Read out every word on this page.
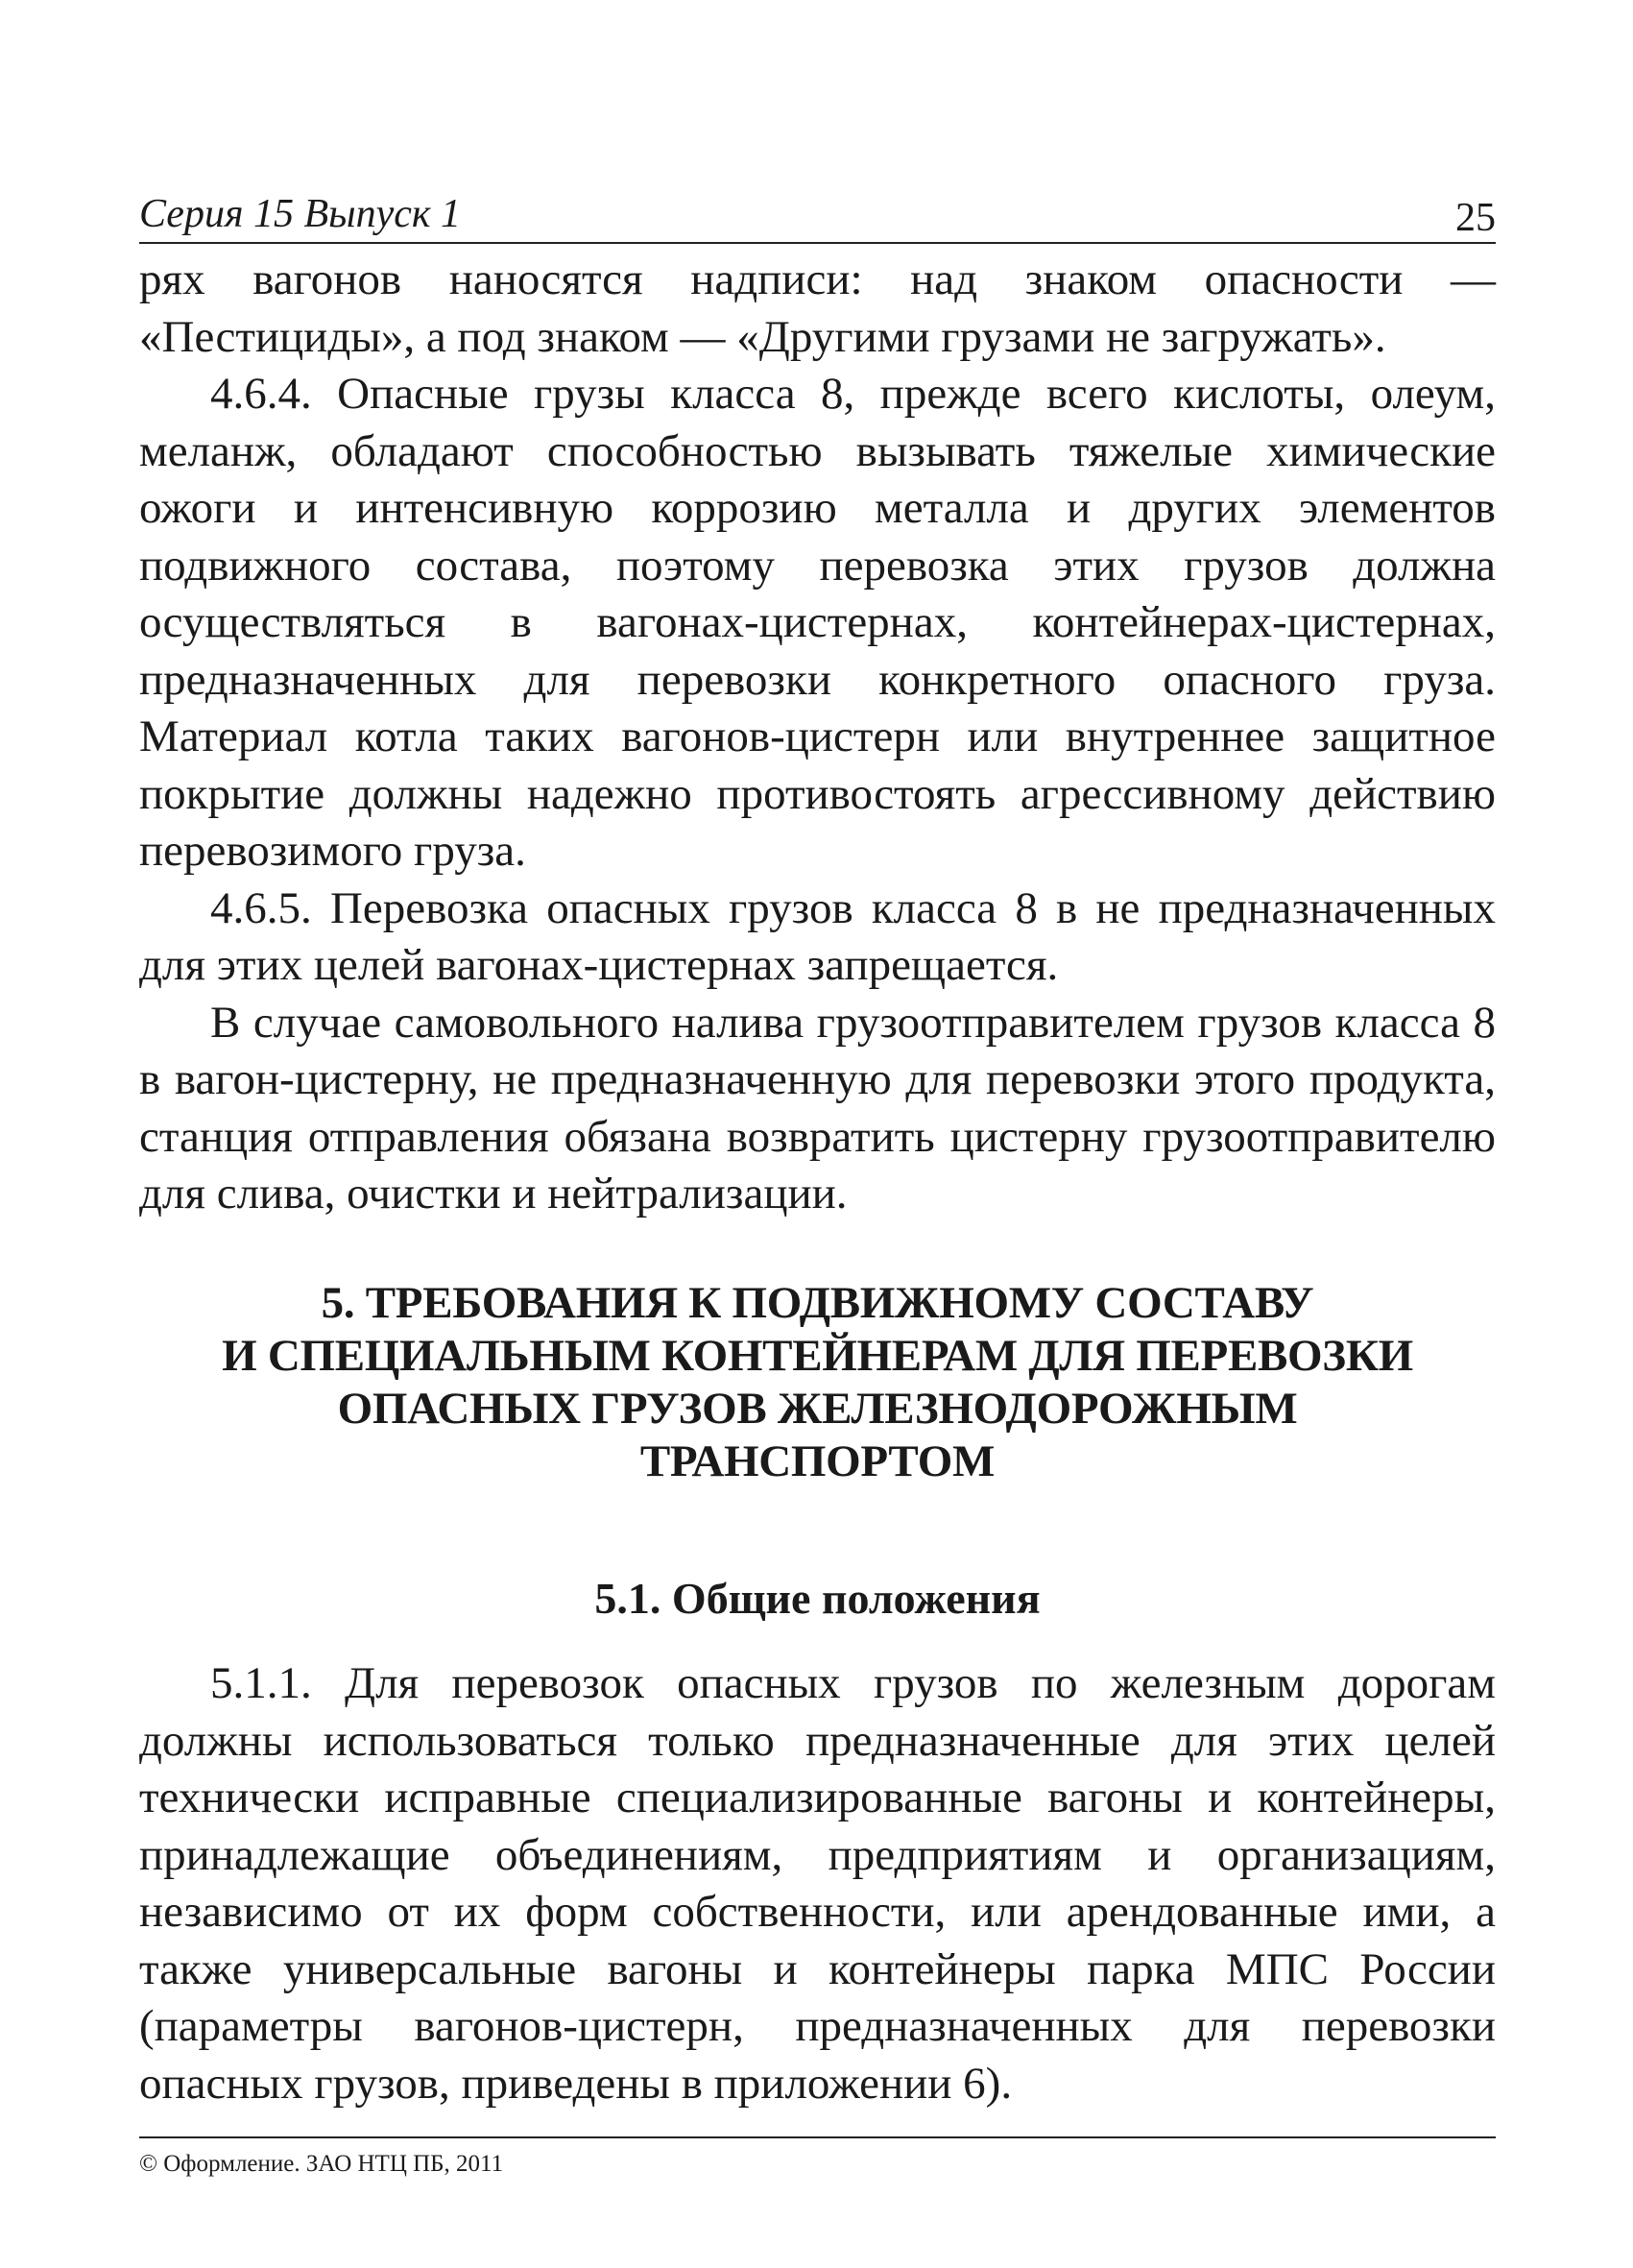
Серия 15 Выпуск 1	25

рях вагонов наносятся надписи: над знаком опасности — «Пестициды», а под знаком — «Другими грузами не загружать».

4.6.4. Опасные грузы класса 8, прежде всего кислоты, олеум, меланж, обладают способностью вызывать тяжелые химические ожоги и интенсивную коррозию металла и других элементов подвижного состава, поэтому перевозка этих грузов должна осуществляться в вагонах-цистернах, контейнерах-цистернах, предназначенных для перевозки конкретного опасного груза. Материал котла таких вагонов-цистерн или внутреннее защитное покрытие должны надежно противостоять агрессивному действию перевозимого груза.

4.6.5. Перевозка опасных грузов класса 8 в не предназначенных для этих целей вагонах-цистернах запрещается.

В случае самовольного налива грузоотправителем грузов класса 8 в вагон-цистерну, не предназначенную для перевозки этого продукта, станция отправления обязана возвратить цистерну грузоотправителю для слива, очистки и нейтрализации.

5. ТРЕБОВАНИЯ К ПОДВИЖНОМУ СОСТАВУ
И СПЕЦИАЛЬНЫМ КОНТЕЙНЕРАМ ДЛЯ ПЕРЕВОЗКИ
ОПАСНЫХ ГРУЗОВ ЖЕЛЕЗНОДОРОЖНЫМ
ТРАНСПОРТОМ
5.1. Общие положения

5.1.1. Для перевозок опасных грузов по железным дорогам должны использоваться только предназначенные для этих целей технически исправные специализированные вагоны и контейнеры, принадлежащие объединениям, предприятиям и организациям, независимо от их форм собственности, или арендованные ими, а также универсальные вагоны и контейнеры парка МПС России (параметры вагонов-цистерн, предназначенных для перевозки опасных грузов, приведены в приложении 6).

© Оформление. ЗАО НТЦ ПБ, 2011
